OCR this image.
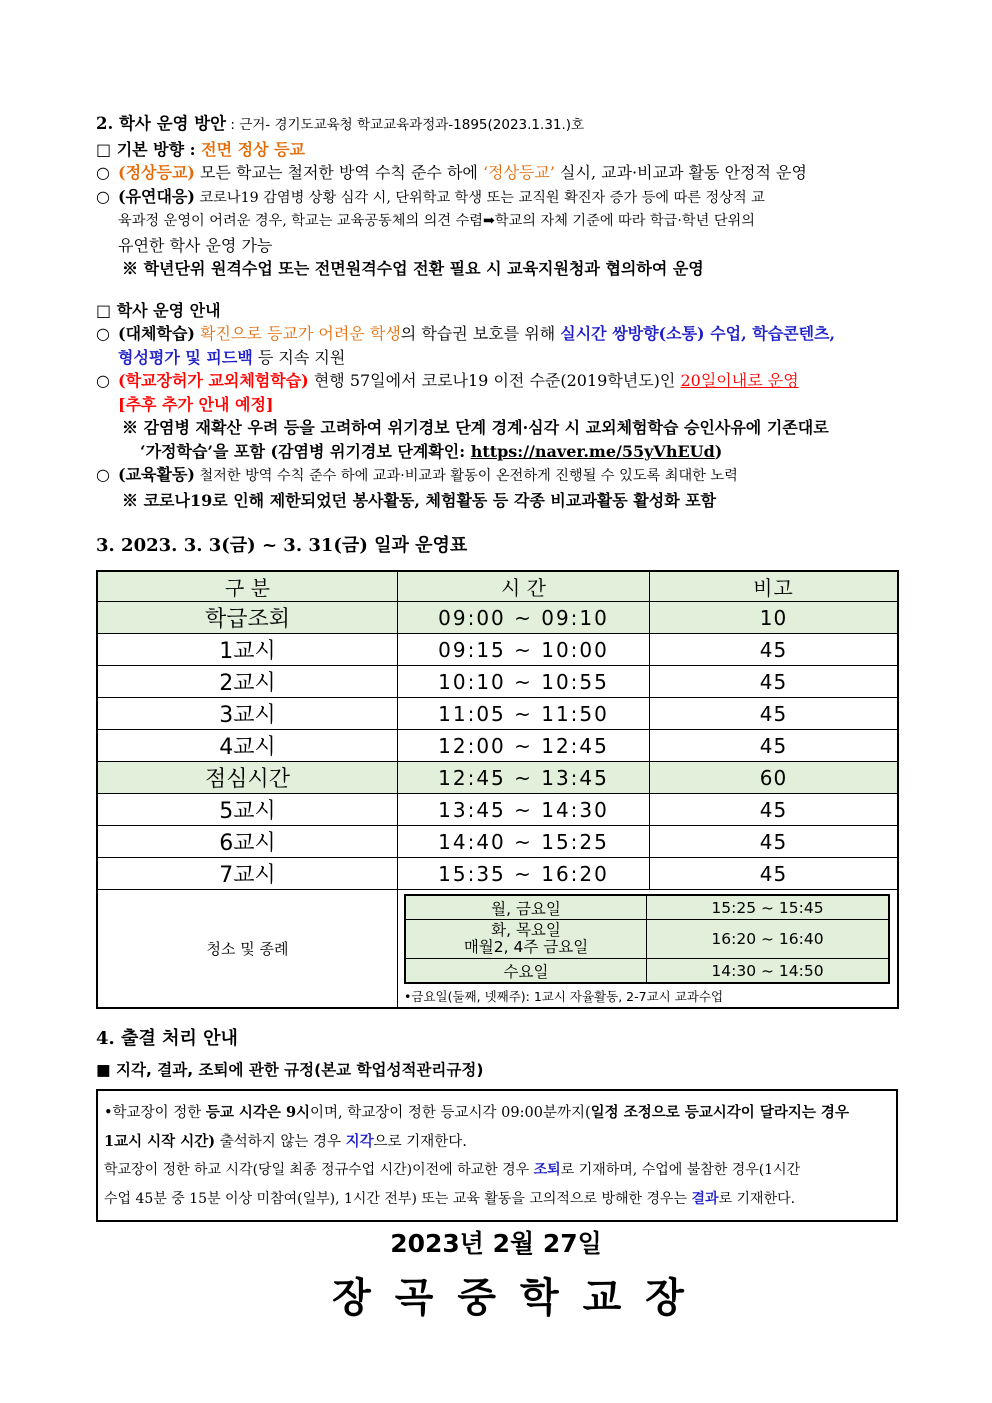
2. 학사 운영 방안 : 근거- 경기도교육청 학교교육과정과-1895(2023.1.31.)호
□ 기본 방향 : 전면 정상 등교
○ (정상등교) 모든 학교는 철저한 방역 수칙 준수 하에 ‘정상등교’ 실시, 교과·비교과 활동 안정적 운영
○ (유연대응) 코로나19 감염병 상황 심각 시, 단위학교 학생 또는 교직원 확진자 증가 등에 따른 정상적 교
육과정 운영이 어려운 경우, 학교는 교육공동체의 의견 수렴➡학교의 자체 기준에 따라 학급·학년 단위의
유연한 학사 운영 가능
※ 학년단위 원격수업 또는 전면원격수업 전환 필요 시 교육지원청과 협의하여 운영
□ 학사 운영 안내
○ (대체학습) 확진으로 등교가 어려운 학생의 학습권 보호를 위해 실시간 쌍방향(소통) 수업, 학습콘텐츠,
형성평가 및 피드백 등 지속 지원
○ (학교장허가 교외체험학습) 현행 57일에서 코로나19 이전 수준(2019학년도)인 20일이내로 운영
[추후 추가 안내 예정]
※ 감염병 재확산 우려 등을 고려하여 위기경보 단계 경계·심각 시 교외체험학습 승인사유에 기존대로
‘가정학습’을 포함 (감염병 위기경보 단계확인: https://naver.me/55yVhEUd)
○ (교육활동) 철저한 방역 수칙 준수 하에 교과·비교과 활동이 온전하게 진행될 수 있도록 최대한 노력
※ 코로나19로 인해 제한되었던 봉사활동, 체험활동 등 각종 비교과활동 활성화 포함
3. 2023. 3. 3(금) ~ 3. 31(금) 일과 운영표
구 분	시 간	비고
학급조회	09:00 ~ 09:10	10
1교시	09:15 ~ 10:00	45
2교시	10:10 ~ 10:55	45
3교시	11:05 ~ 11:50	45
4교시	12:00 ~ 12:45	45
점심시간	12:45 ~ 13:45	60
5교시	13:45 ~ 14:30	45
6교시	14:40 ~ 15:25	45
7교시	15:35 ~ 16:20	45
청소 및 종례	
월, 금요일	15:25 ~ 15:45

화, 목요일
매월2, 4주 금요일	16:20 ~ 16:40
수요일	14:30 ~ 14:50
•금요일(둘째, 넷째주): 1교시 자율활동, 2-7교시 교과수업
4. 출결 처리 안내
■ 지각, 결과, 조퇴에 관한 규정(본교 학업성적관리규정)
•학교장이 정한 등교 시각은 9시이며, 학교장이 정한 등교시각 09:00분까지(일정 조정으로 등교시각이 달라지는 경우
1교시 시작 시간) 출석하지 않는 경우 지각으로 기재한다.
학교장이 정한 하교 시각(당일 최종 정규수업 시간)이전에 하교한 경우 조퇴로 기재하며, 수업에 불참한 경우(1시간
수업 45분 중 15분 이상 미참여(일부), 1시간 전부) 또는 교육 활동을 고의적으로 방해한 경우는 결과로 기재한다.
2023년 2월 27일
장곡중학교장
